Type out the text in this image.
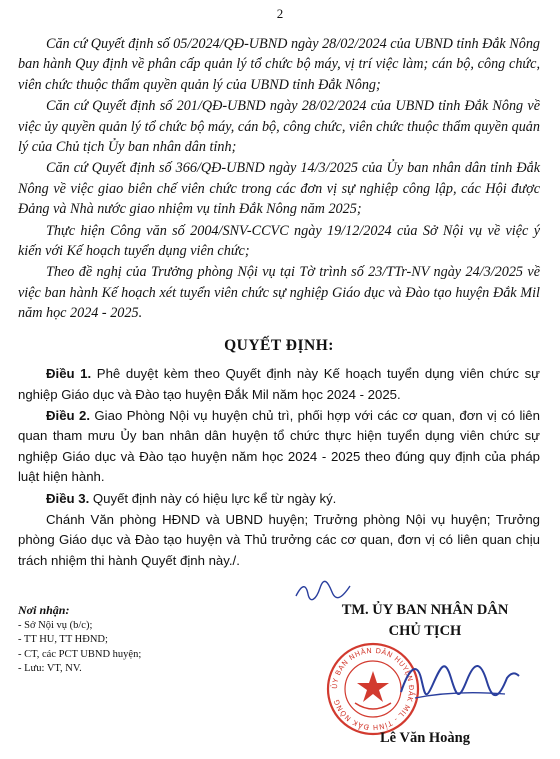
2

Căn cứ Quyết định số 05/2024/QĐ-UBND ngày 28/02/2024 của UBND tỉnh Đắk Nông ban hành Quy định về phân cấp quản lý tổ chức bộ máy, vị trí việc làm; cán bộ, công chức, viên chức thuộc thẩm quyền quản lý của UBND tỉnh Đắk Nông;

Căn cứ Quyết định số 201/QĐ-UBND ngày 28/02/2024 của UBND tỉnh Đắk Nông về việc ủy quyền quản lý tổ chức bộ máy, cán bộ, công chức, viên chức thuộc thẩm quyền quản lý của Chủ tịch Ủy ban nhân dân tỉnh;

Căn cứ Quyết định số 366/QĐ-UBND ngày 14/3/2025 của Ủy ban nhân dân tỉnh Đắk Nông về việc giao biên chế viên chức trong các đơn vị sự nghiệp công lập, các Hội được Đảng và Nhà nước giao nhiệm vụ tỉnh Đắk Nông năm 2025;

Thực hiện Công văn số 2004/SNV-CCVC ngày 19/12/2024 của Sở Nội vụ về việc ý kiến với Kế hoạch tuyển dụng viên chức;

Theo đề nghị của Trưởng phòng Nội vụ tại Tờ trình số 23/TTr-NV ngày 24/3/2025 về việc ban hành Kế hoạch xét tuyển viên chức sự nghiệp Giáo dục và Đào tạo huyện Đắk Mil năm học 2024 - 2025.

QUYẾT ĐỊNH:

Điều 1. Phê duyệt kèm theo Quyết định này Kế hoạch tuyển dụng viên chức sự nghiệp Giáo dục và Đào tạo huyện Đắk Mil năm học 2024 - 2025.

Điều 2. Giao Phòng Nội vụ huyện chủ trì, phối hợp với các cơ quan, đơn vị có liên quan tham mưu Ủy ban nhân dân huyện tổ chức thực hiện tuyển dụng viên chức sự nghiệp Giáo dục và Đào tạo huyện năm học 2024 - 2025 theo đúng quy định của pháp luật hiện hành.

Điều 3. Quyết định này có hiệu lực kể từ ngày ký.

Chánh Văn phòng HĐND và UBND huyện; Trưởng phòng Nội vụ huyện; Trưởng phòng Giáo dục và Đào tạo huyện và Thủ trưởng các cơ quan, đơn vị có liên quan chịu trách nhiệm thi hành Quyết định này./.

Nơi nhận:
- Sở Nội vụ (b/c);
- TT HU, TT HĐND;
- CT, các PCT UBND huyện;
- Lưu: VT, NV.
TM. ỦY BAN NHÂN DÂN
CHỦ TỊCH
ỦY BAN NHÂN DÂN HUYỆN ĐẮK MIL - TỈNH ĐẮK NÔNG
Lê Văn Hoàng
